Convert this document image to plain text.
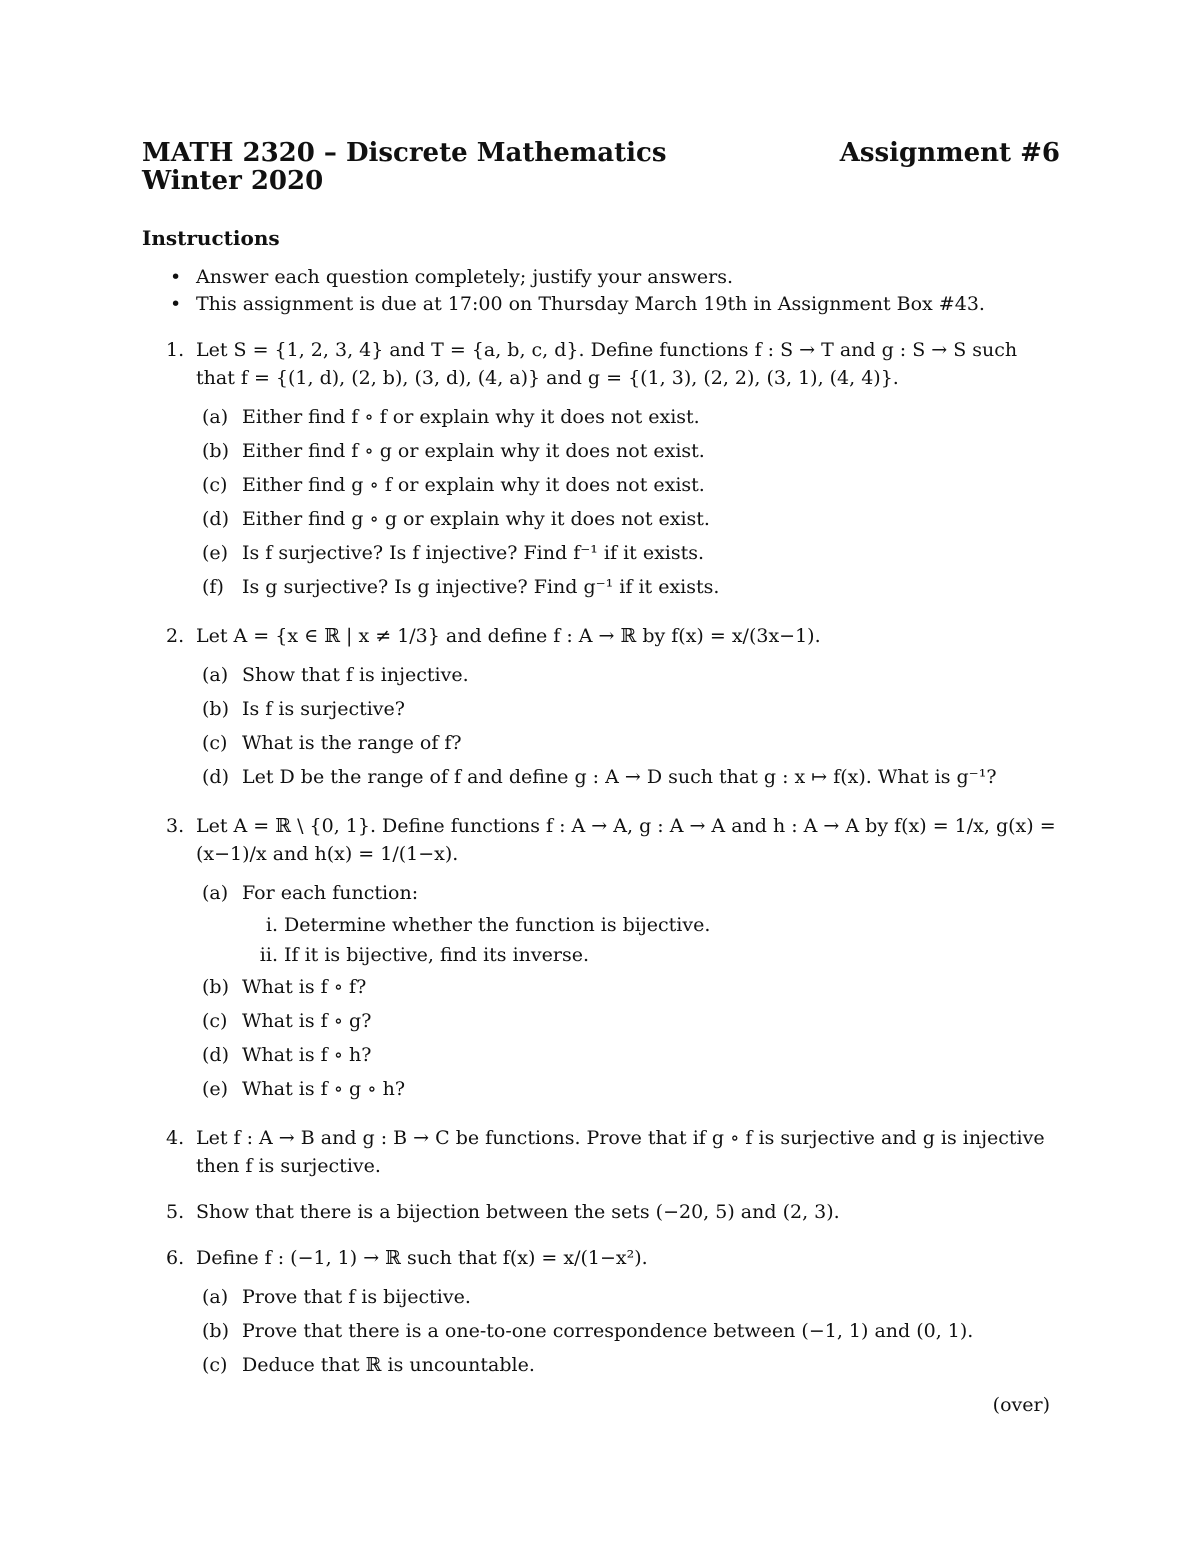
MATH 2320 – Discrete Mathematics	Assignment #6
Winter 2020
Instructions
• Answer each question completely; justify your answers.
• This assignment is due at 17:00 on Thursday March 19th in Assignment Box #43.
1. Let S = {1, 2, 3, 4} and T = {a, b, c, d}. Define functions f : S → T and g : S → S such that f = {(1, d), (2, b), (3, d), (4, a)} and g = {(1, 3), (2, 2), (3, 1), (4, 4)}.
(a) Either find f ∘ f or explain why it does not exist.
(b) Either find f ∘ g or explain why it does not exist.
(c) Either find g ∘ f or explain why it does not exist.
(d) Either find g ∘ g or explain why it does not exist.
(e) Is f surjective? Is f injective? Find f⁻¹ if it exists.
(f) Is g surjective? Is g injective? Find g⁻¹ if it exists.
2. Let A = {x ∈ ℝ | x ≠ 1/3} and define f : A → ℝ by f(x) = x/(3x−1).
(a) Show that f is injective.
(b) Is f is surjective?
(c) What is the range of f?
(d) Let D be the range of f and define g : A → D such that g : x ↦ f(x). What is g⁻¹?
3. Let A = ℝ \ {0, 1}. Define functions f : A → A, g : A → A and h : A → A by f(x) = 1/x, g(x) = (x−1)/x and h(x) = 1/(1−x).
(a) For each function:
i. Determine whether the function is bijective.
ii. If it is bijective, find its inverse.
(b) What is f ∘ f?
(c) What is f ∘ g?
(d) What is f ∘ h?
(e) What is f ∘ g ∘ h?
4. Let f : A → B and g : B → C be functions. Prove that if g ∘ f is surjective and g is injective then f is surjective.
5. Show that there is a bijection between the sets (−20, 5) and (2, 3).
6. Define f : (−1, 1) → ℝ such that f(x) = x/(1−x²).
(a) Prove that f is bijective.
(b) Prove that there is a one-to-one correspondence between (−1, 1) and (0, 1).
(c) Deduce that ℝ is uncountable.
(over)
